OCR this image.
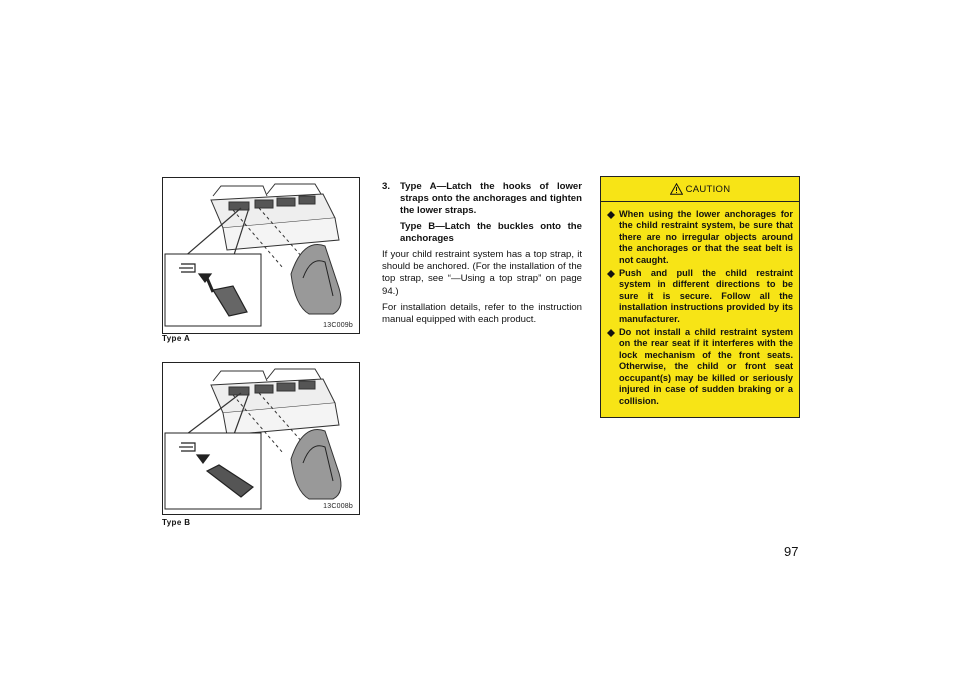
13C009b
Type A
13C008b
Type B

3. Type A—Latch the hooks of lower straps onto the anchorages and tighten the lower straps.

Type B—Latch the buckles onto the anchorages

If your child restraint system has a top strap, it should be anchored. (For the installation of the top strap, see “—Using a top strap” on page 94.)

For installation details, refer to the instruction manual equipped with each product.

CAUTION
When using the lower anchorages for the child restraint system, be sure that there are no irregular objects around the anchorages or that the seat belt is not caught.
Push and pull the child restraint system in different directions to be sure it is secure. Follow all the installation instructions provided by its manufacturer.
Do not install a child restraint system on the rear seat if it interferes with the lock mechanism of the front seats. Otherwise, the child or front seat occupant(s) may be killed or seriously injured in case of sudden braking or a collision.
97
